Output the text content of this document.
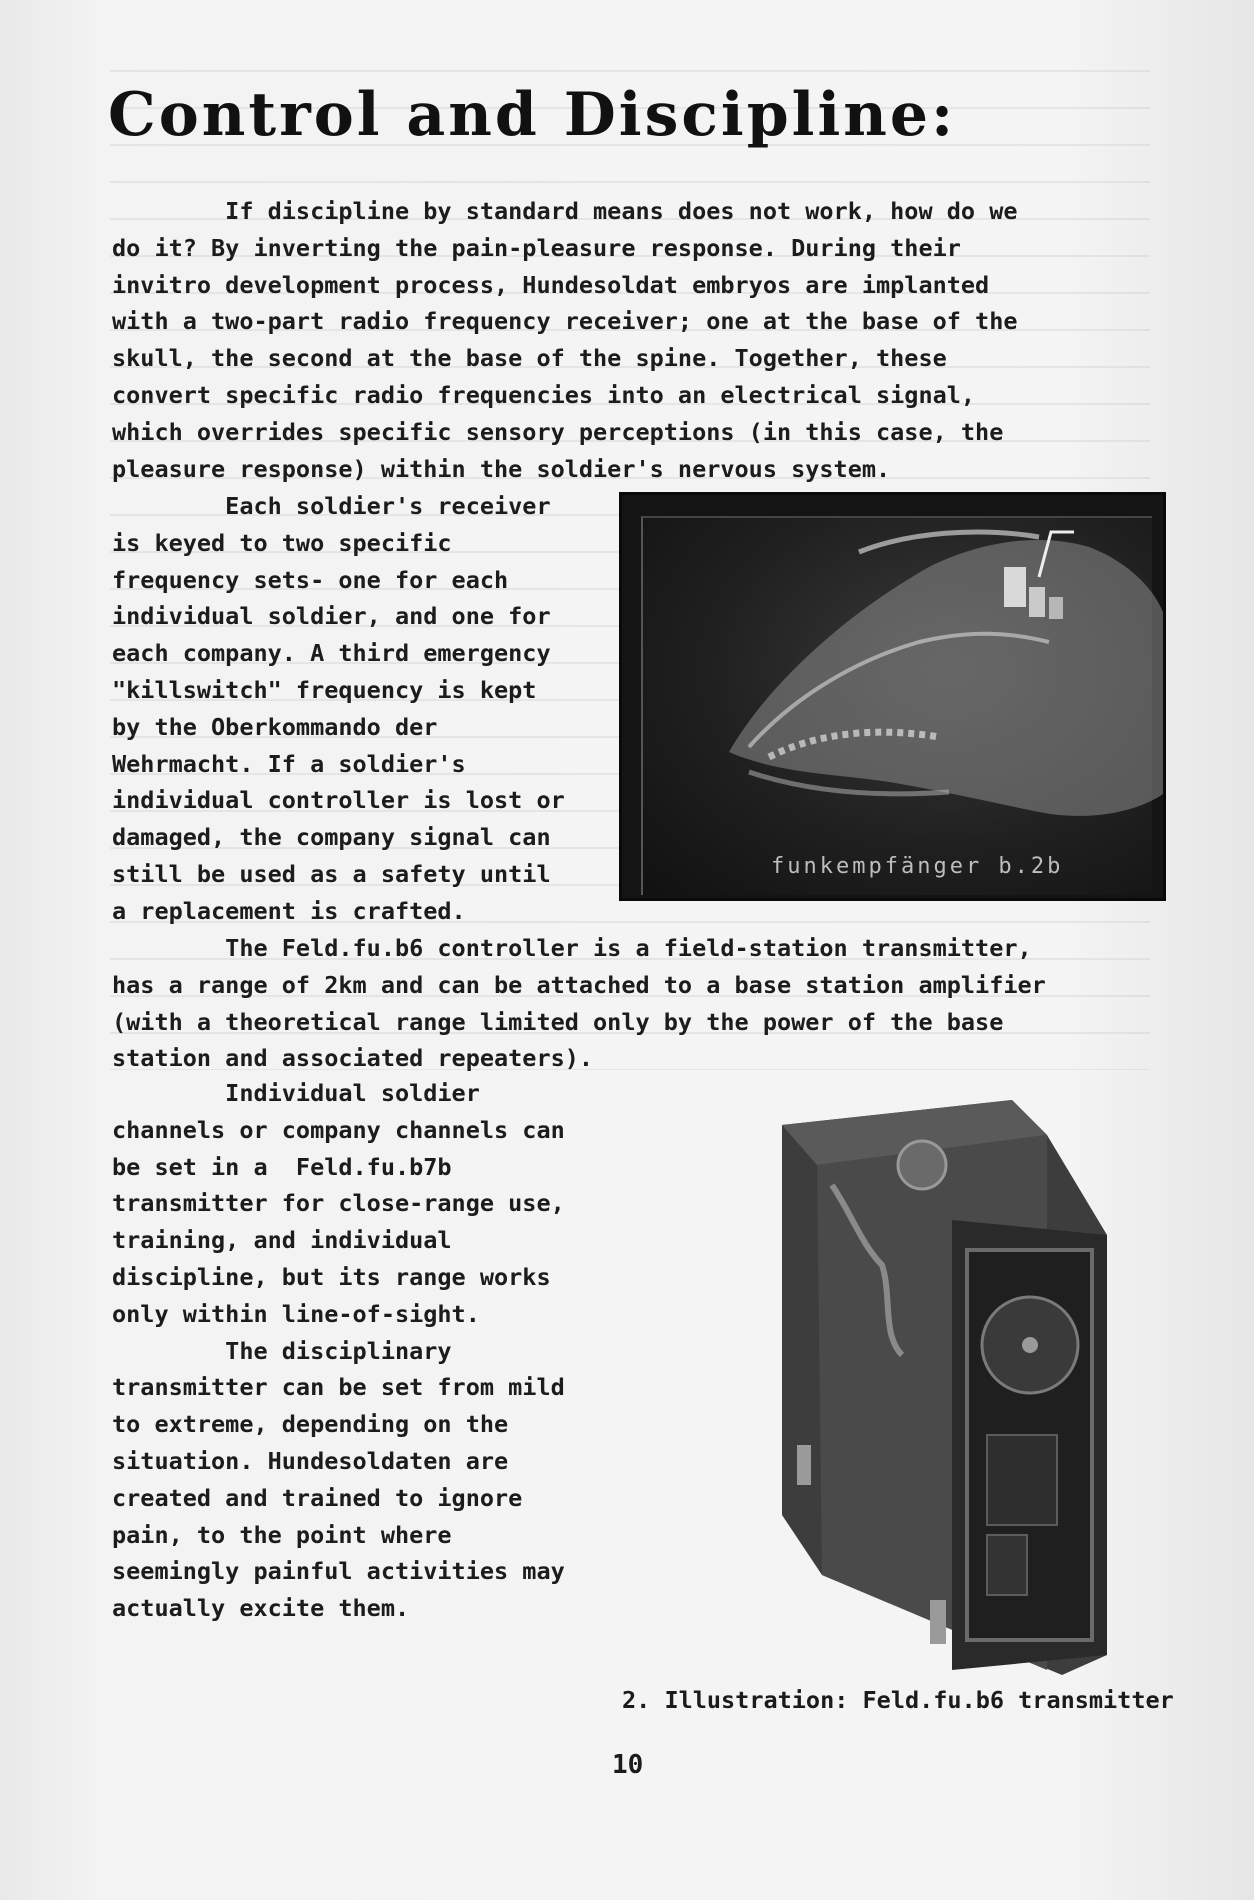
Control and Discipline:
If discipline by standard means does not work, how do we
do it? By inverting the pain-pleasure response. During their
invitro development process, Hundesoldat embryos are implanted
with a two-part radio frequency receiver; one at the base of the
skull, the second at the base of the spine. Together, these
convert specific radio frequencies into an electrical signal,
which overrides specific sensory perceptions (in this case, the
pleasure response) within the soldier's nervous system.
Each soldier's receiver
is keyed to two specific
frequency sets- one for each
individual soldier, and one for
each company. A third emergency
"killswitch" frequency is kept
by the Oberkommando der
Wehrmacht. If a soldier's
individual controller is lost or
damaged, the company signal can
still be used as a safety until
a replacement is crafted.
The Feld.fu.b6 controller is a field-station transmitter,
has a range of 2km and can be attached to a base station amplifier
(with a theoretical range limited only by the power of the base
station and associated repeaters).
Individual soldier
channels or company channels can
be set in a  Feld.fu.b7b
transmitter for close-range use,
training, and individual
discipline, but its range works
only within line-of-sight.
The disciplinary
transmitter can be set from mild
to extreme, depending on the
situation. Hundesoldaten are
created and trained to ignore
pain, to the point where
seemingly painful activities may
actually excite them.
funkempfänger b.2b
2. Illustration: Feld.fu.b6 transmitter
10
